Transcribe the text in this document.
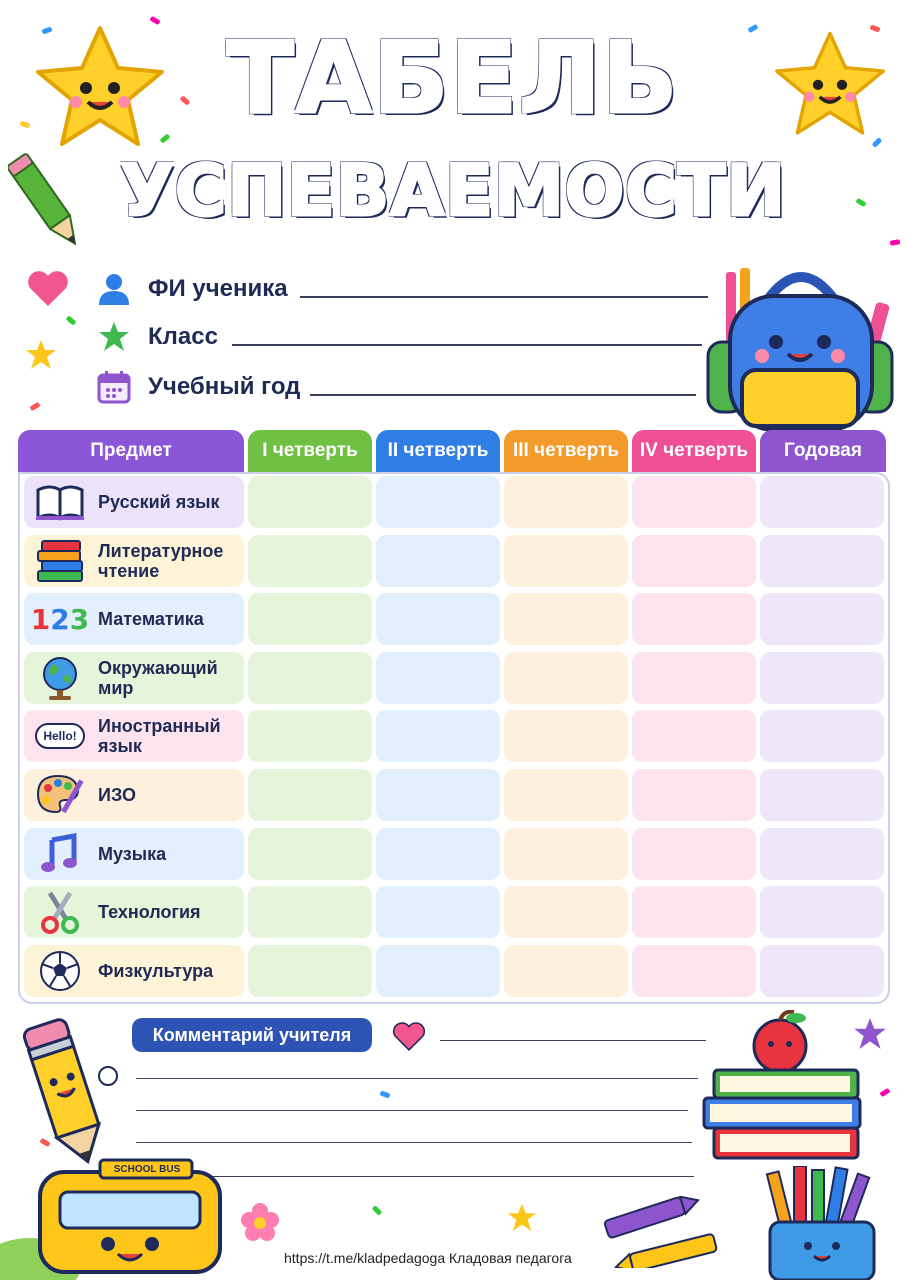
ТАБЕЛЬ
УСПЕВАЕМОСТИ
ФИ ученика
Класс
Учебный год
Предмет	I четверть	II четверть	III четверть	IV четверть	Годовая
Русский язык
Литературное чтение
123 Математика
Окружающий мир
Hello!	Иностранный язык
ИЗО
Музыка
Технология
Физкультура
Комментарий учителя
SCHOOL BUS
https://t.me/kladpedagoga Кладовая педагога
